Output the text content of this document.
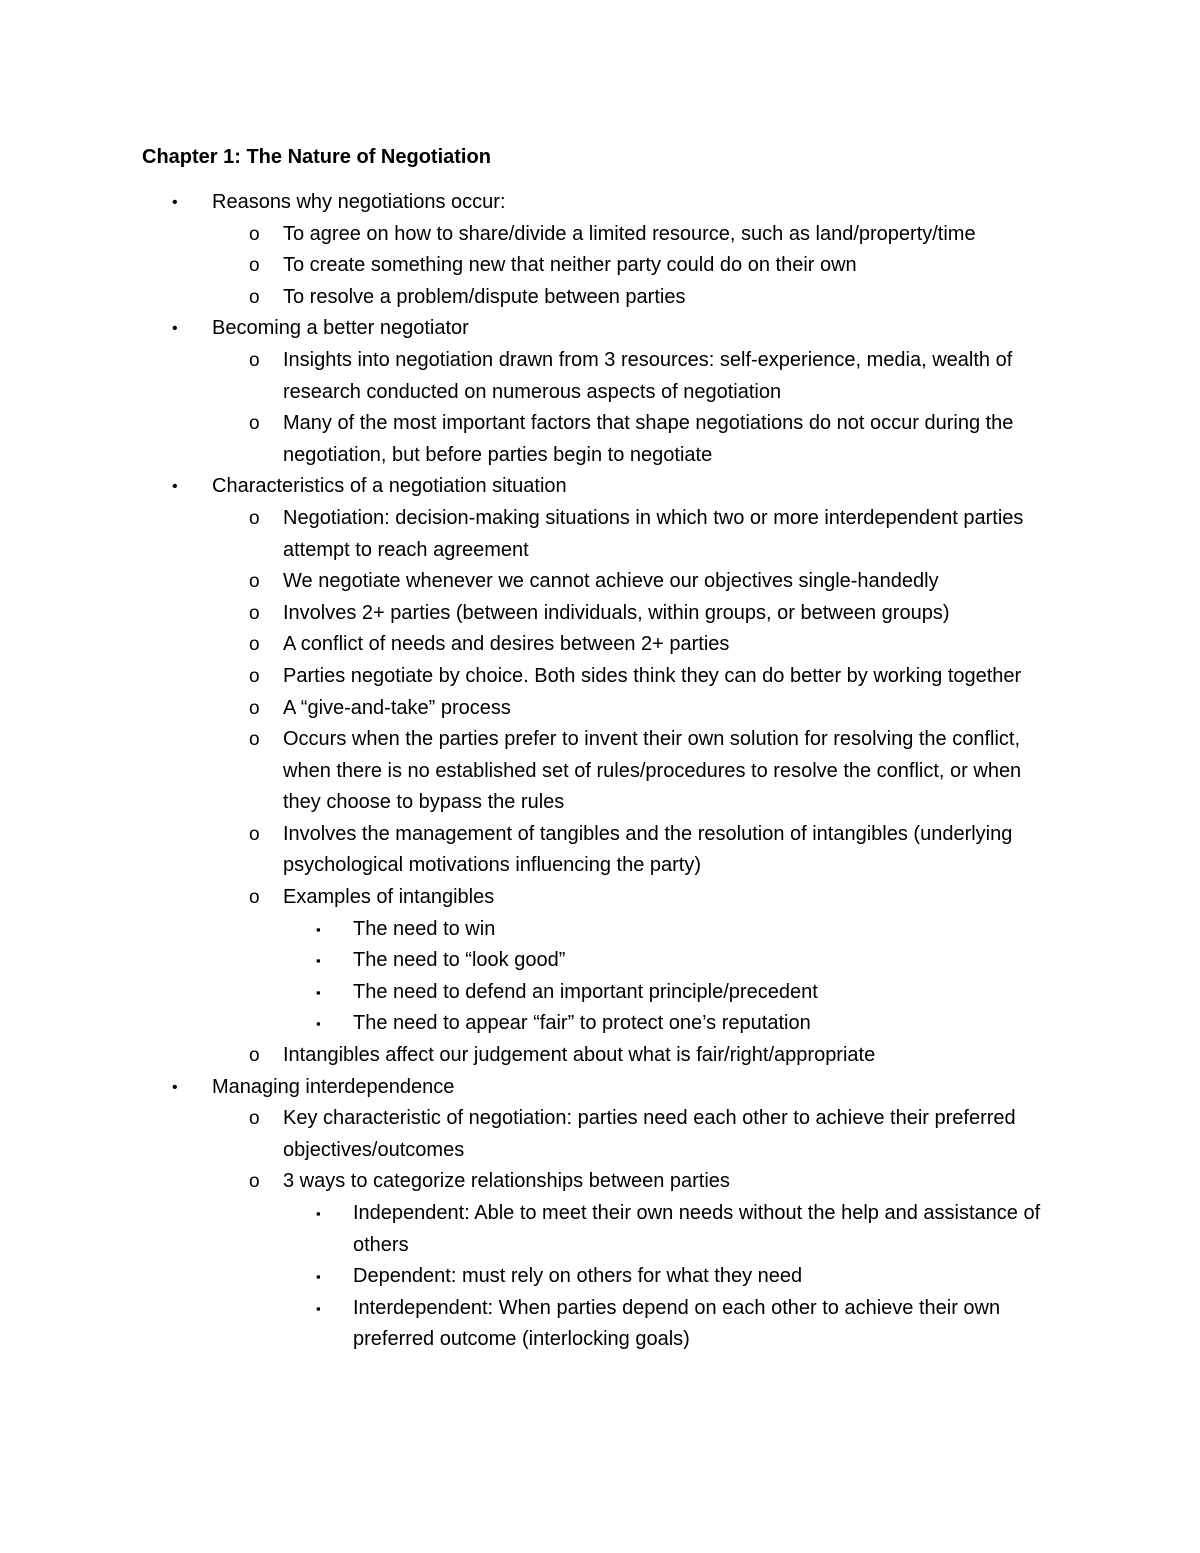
Chapter 1: The Nature of Negotiation
• Reasons why negotiations occur:
o To agree on how to share/divide a limited resource, such as land/property/time
o To create something new that neither party could do on their own
o To resolve a problem/dispute between parties
• Becoming a better negotiator
o Insights into negotiation drawn from 3 resources: self-experience, media, wealth of research conducted on numerous aspects of negotiation
o Many of the most important factors that shape negotiations do not occur during the negotiation, but before parties begin to negotiate
• Characteristics of a negotiation situation
o Negotiation: decision-making situations in which two or more interdependent parties attempt to reach agreement
o We negotiate whenever we cannot achieve our objectives single-handedly
o Involves 2+ parties (between individuals, within groups, or between groups)
o A conflict of needs and desires between 2+ parties
o Parties negotiate by choice. Both sides think they can do better by working together
o A “give-and-take” process
o Occurs when the parties prefer to invent their own solution for resolving the conflict, when there is no established set of rules/procedures to resolve the conflict, or when they choose to bypass the rules
o Involves the management of tangibles and the resolution of intangibles (underlying psychological motivations influencing the party)
o Examples of intangibles
▪ The need to win
▪ The need to “look good”
▪ The need to defend an important principle/precedent
▪ The need to appear “fair” to protect one’s reputation
o Intangibles affect our judgement about what is fair/right/appropriate
• Managing interdependence
o Key characteristic of negotiation: parties need each other to achieve their preferred objectives/outcomes
o 3 ways to categorize relationships between parties
▪ Independent: Able to meet their own needs without the help and assistance of others
▪ Dependent: must rely on others for what they need
▪ Interdependent: When parties depend on each other to achieve their own preferred outcome (interlocking goals)
